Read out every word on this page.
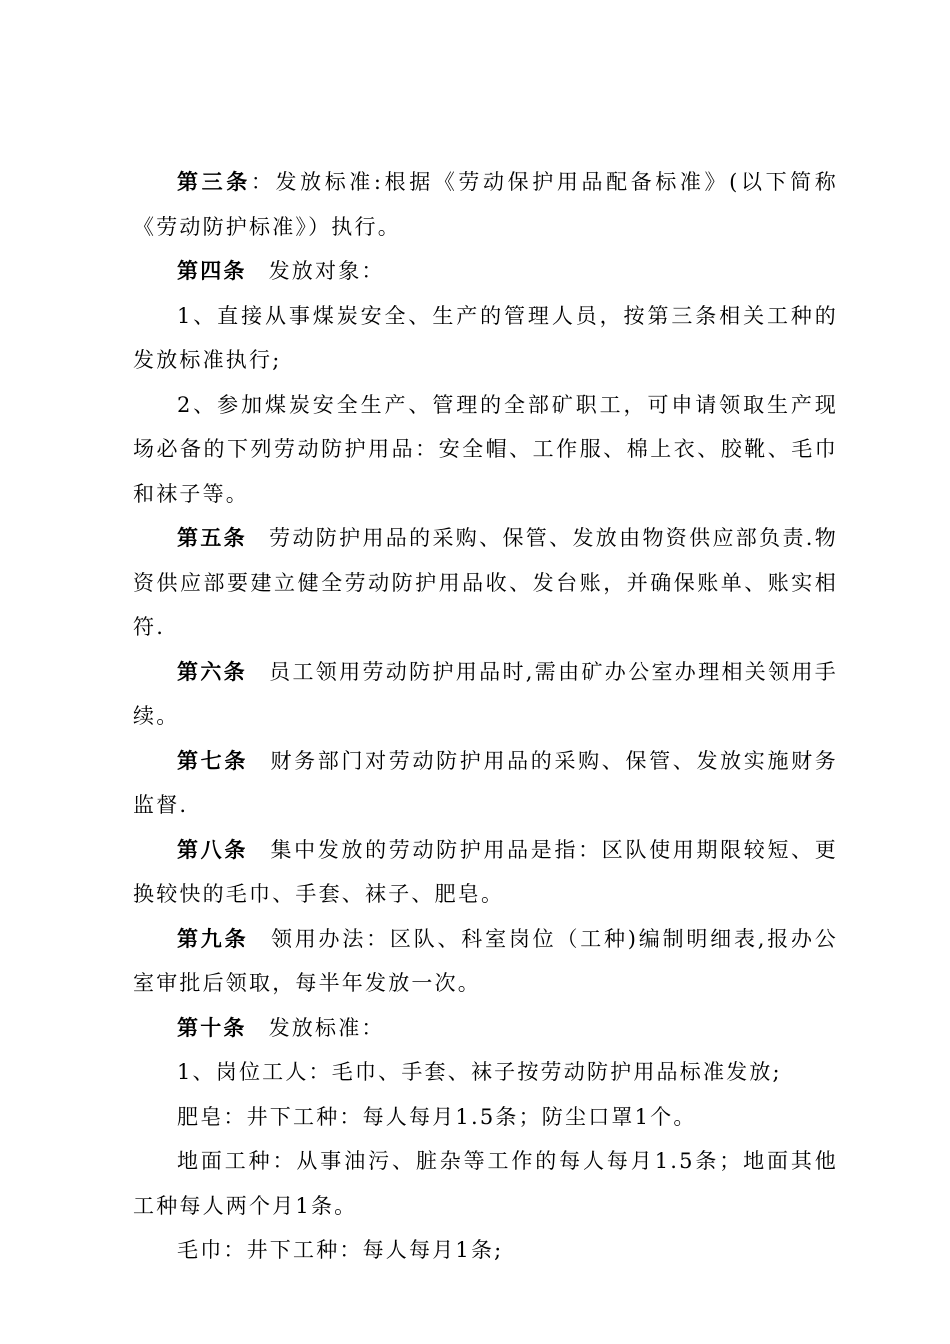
第三条：发放标准:根据《劳动保护用品配备标准》(以下简称《劳动防护标准》）执行。

第四条 发放对象：

1、直接从事煤炭安全、生产的管理人员，按第三条相关工种的发放标准执行;

2、参加煤炭安全生产、管理的全部矿职工，可申请领取生产现场必备的下列劳动防护用品：安全帽、工作服、棉上衣、胶靴、毛巾和袜子等。

第五条 劳动防护用品的采购、保管、发放由物资供应部负责.物资供应部要建立健全劳动防护用品收、发台账，并确保账单、账实相符.

第六条 员工领用劳动防护用品时,需由矿办公室办理相关领用手续。

第七条 财务部门对劳动防护用品的采购、保管、发放实施财务监督.

第八条 集中发放的劳动防护用品是指：区队使用期限较短、更换较快的毛巾、手套、袜子、肥皂。

第九条 领用办法：区队、科室岗位（工种)编制明细表,报办公室审批后领取，每半年发放一次。

第十条 发放标准：

1、岗位工人：毛巾、手套、袜子按劳动防护用品标准发放;

肥皂：井下工种：每人每月1.5条；防尘口罩1个。

地面工种：从事油污、脏杂等工作的每人每月1.5条；地面其他工种每人两个月1条。

毛巾：井下工种：每人每月1条;
